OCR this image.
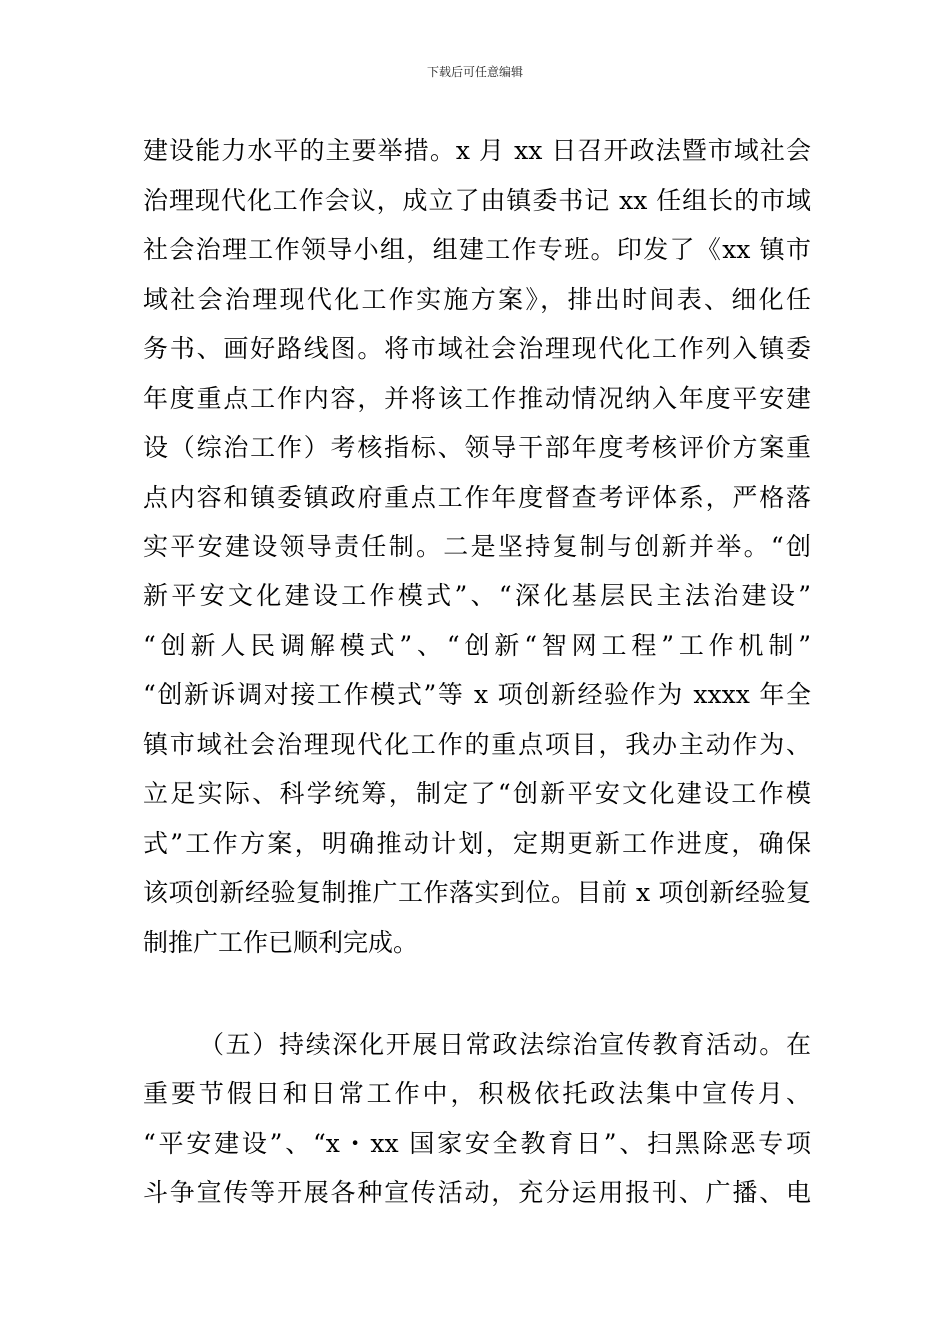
下载后可任意编辑
建设能力水平的主要举措。x 月 xx 日召开政法暨市域社会
治理现代化工作会议，成立了由镇委书记 xx 任组长的市域
社会治理工作领导小组，组建工作专班。印发了《xx 镇市
域社会治理现代化工作实施方案》，排出时间表、细化任
务书、画好路线图。将市域社会治理现代化工作列入镇委
年度重点工作内容，并将该工作推动情况纳入年度平安建
设（综治工作）考核指标、领导干部年度考核评价方案重
点内容和镇委镇政府重点工作年度督查考评体系，严格落
实平安建设领导责任制。二是坚持复制与创新并举。“创
新平安文化建设工作模式”、“深化基层民主法治建设”
“创新人民调解模式”、“创新“智网工程”工作机制”
“创新诉调对接工作模式”等 x 项创新经验作为 xxxx 年全
镇市域社会治理现代化工作的重点项目，我办主动作为、
立足实际、科学统筹，制定了“创新平安文化建设工作模
式”工作方案，明确推动计划，定期更新工作进度，确保
该项创新经验复制推广工作落实到位。目前 x 项创新经验复
制推广工作已顺利完成。
（五）持续深化开展日常政法综治宣传教育活动。在
重要节假日和日常工作中，积极依托政法集中宣传月、
“平安建设”、“x・xx 国家安全教育日”、扫黑除恶专项
斗争宣传等开展各种宣传活动，充分运用报刊、广播、电
